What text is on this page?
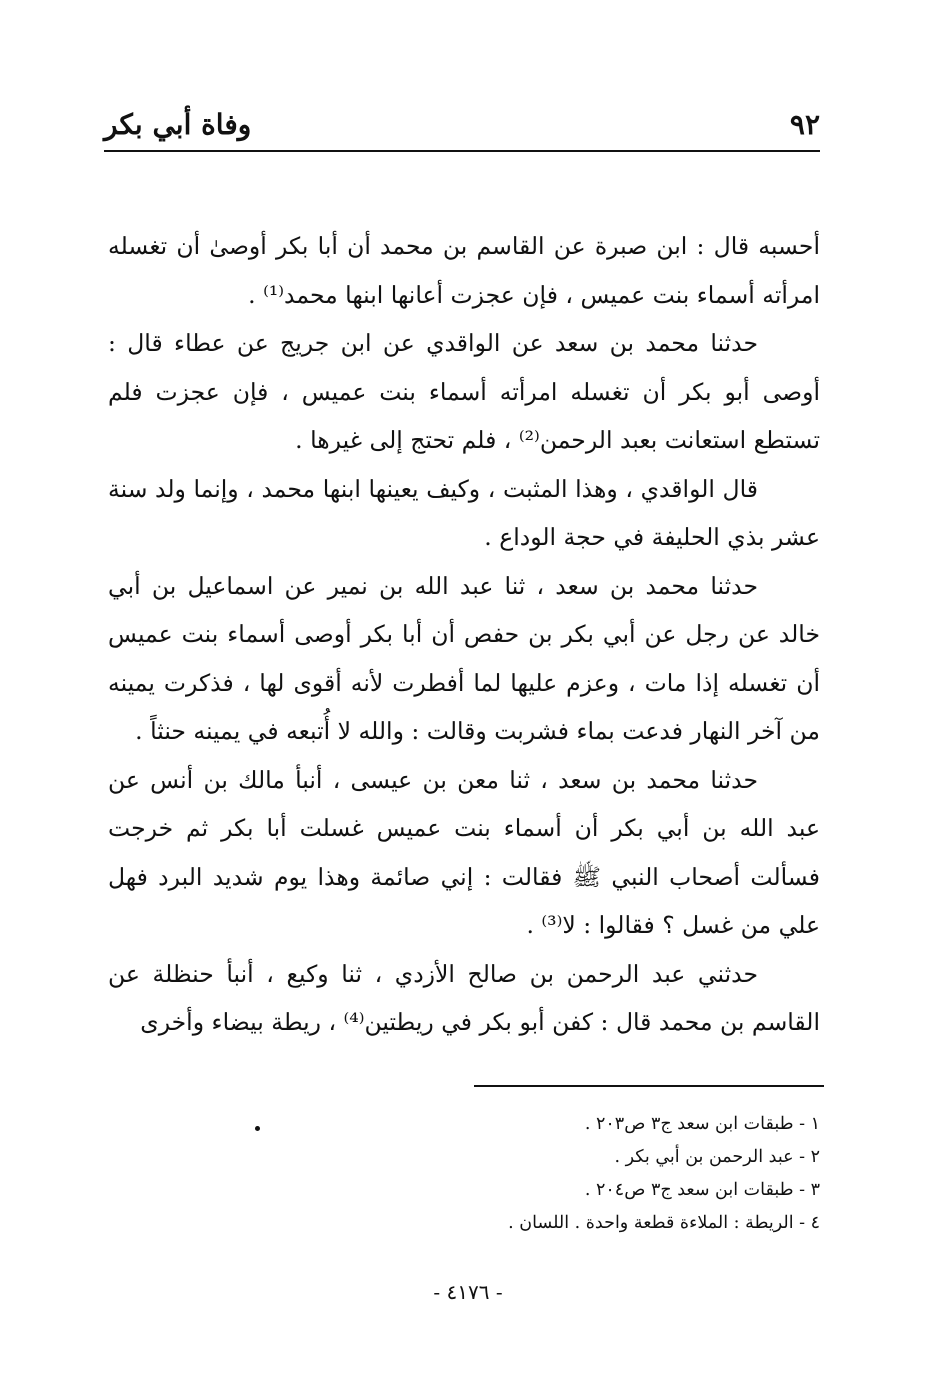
وفاة أبي بكر	٩٢

أحسبه قال : ابن صبرة عن القاسم بن محمد أن أبا بكر أوصىٰ أن تغسله امرأته أسماء بنت عميس ، فإن عجزت أعانها ابنها محمد⁽¹⁾ .

حدثنا محمد بن سعد عن الواقدي عن ابن جريج عن عطاء قال : أوصى أبو بكر أن تغسله امرأته أسماء بنت عميس ، فإن عجزت فلم تستطع استعانت بعبد الرحمن⁽²⁾ ، فلم تحتج إلى غيرها .

قال الواقدي ، وهذا المثبت ، وكيف يعينها ابنها محمد ، وإنما ولد سنة عشر بذي الحليفة في حجة الوداع .

حدثنا محمد بن سعد ، ثنا عبد الله بن نمير عن اسماعيل بن أبي خالد عن رجل عن أبي بكر بن حفص أن أبا بكر أوصى أسماء بنت عميس أن تغسله إذا مات ، وعزم عليها لما أفطرت لأنه أقوى لها ، فذكرت يمينه من آخر النهار فدعت بماء فشربت وقالت : والله لا أُتبعه في يمينه حنثاً .

حدثنا محمد بن سعد ، ثنا معن بن عيسى ، أنبأ مالك بن أنس عن عبد الله بن أبي بكر أن أسماء بنت عميس غسلت أبا بكر ثم خرجت فسألت أصحاب النبي ﷺ فقالت : إني صائمة وهذا يوم شديد البرد فهل علي من غسل ؟ فقالوا : لا⁽³⁾ .

حدثني عبد الرحمن بن صالح الأزدي ، ثنا وكيع ، أنبأ حنظلة عن القاسم بن محمد قال : كفن أبو بكر في ريطتين⁽⁴⁾ ، ريطة بيضاء وأخرى

١ - طبقات ابن سعد ج٣ ص٢٠٣ .

٢ - عبد الرحمن بن أبي بكر .

٣ - طبقات ابن سعد ج٣ ص٢٠٤ .

٤ - الريطة : الملاءة قطعة واحدة . اللسان .

- ٤١٧٦ -
